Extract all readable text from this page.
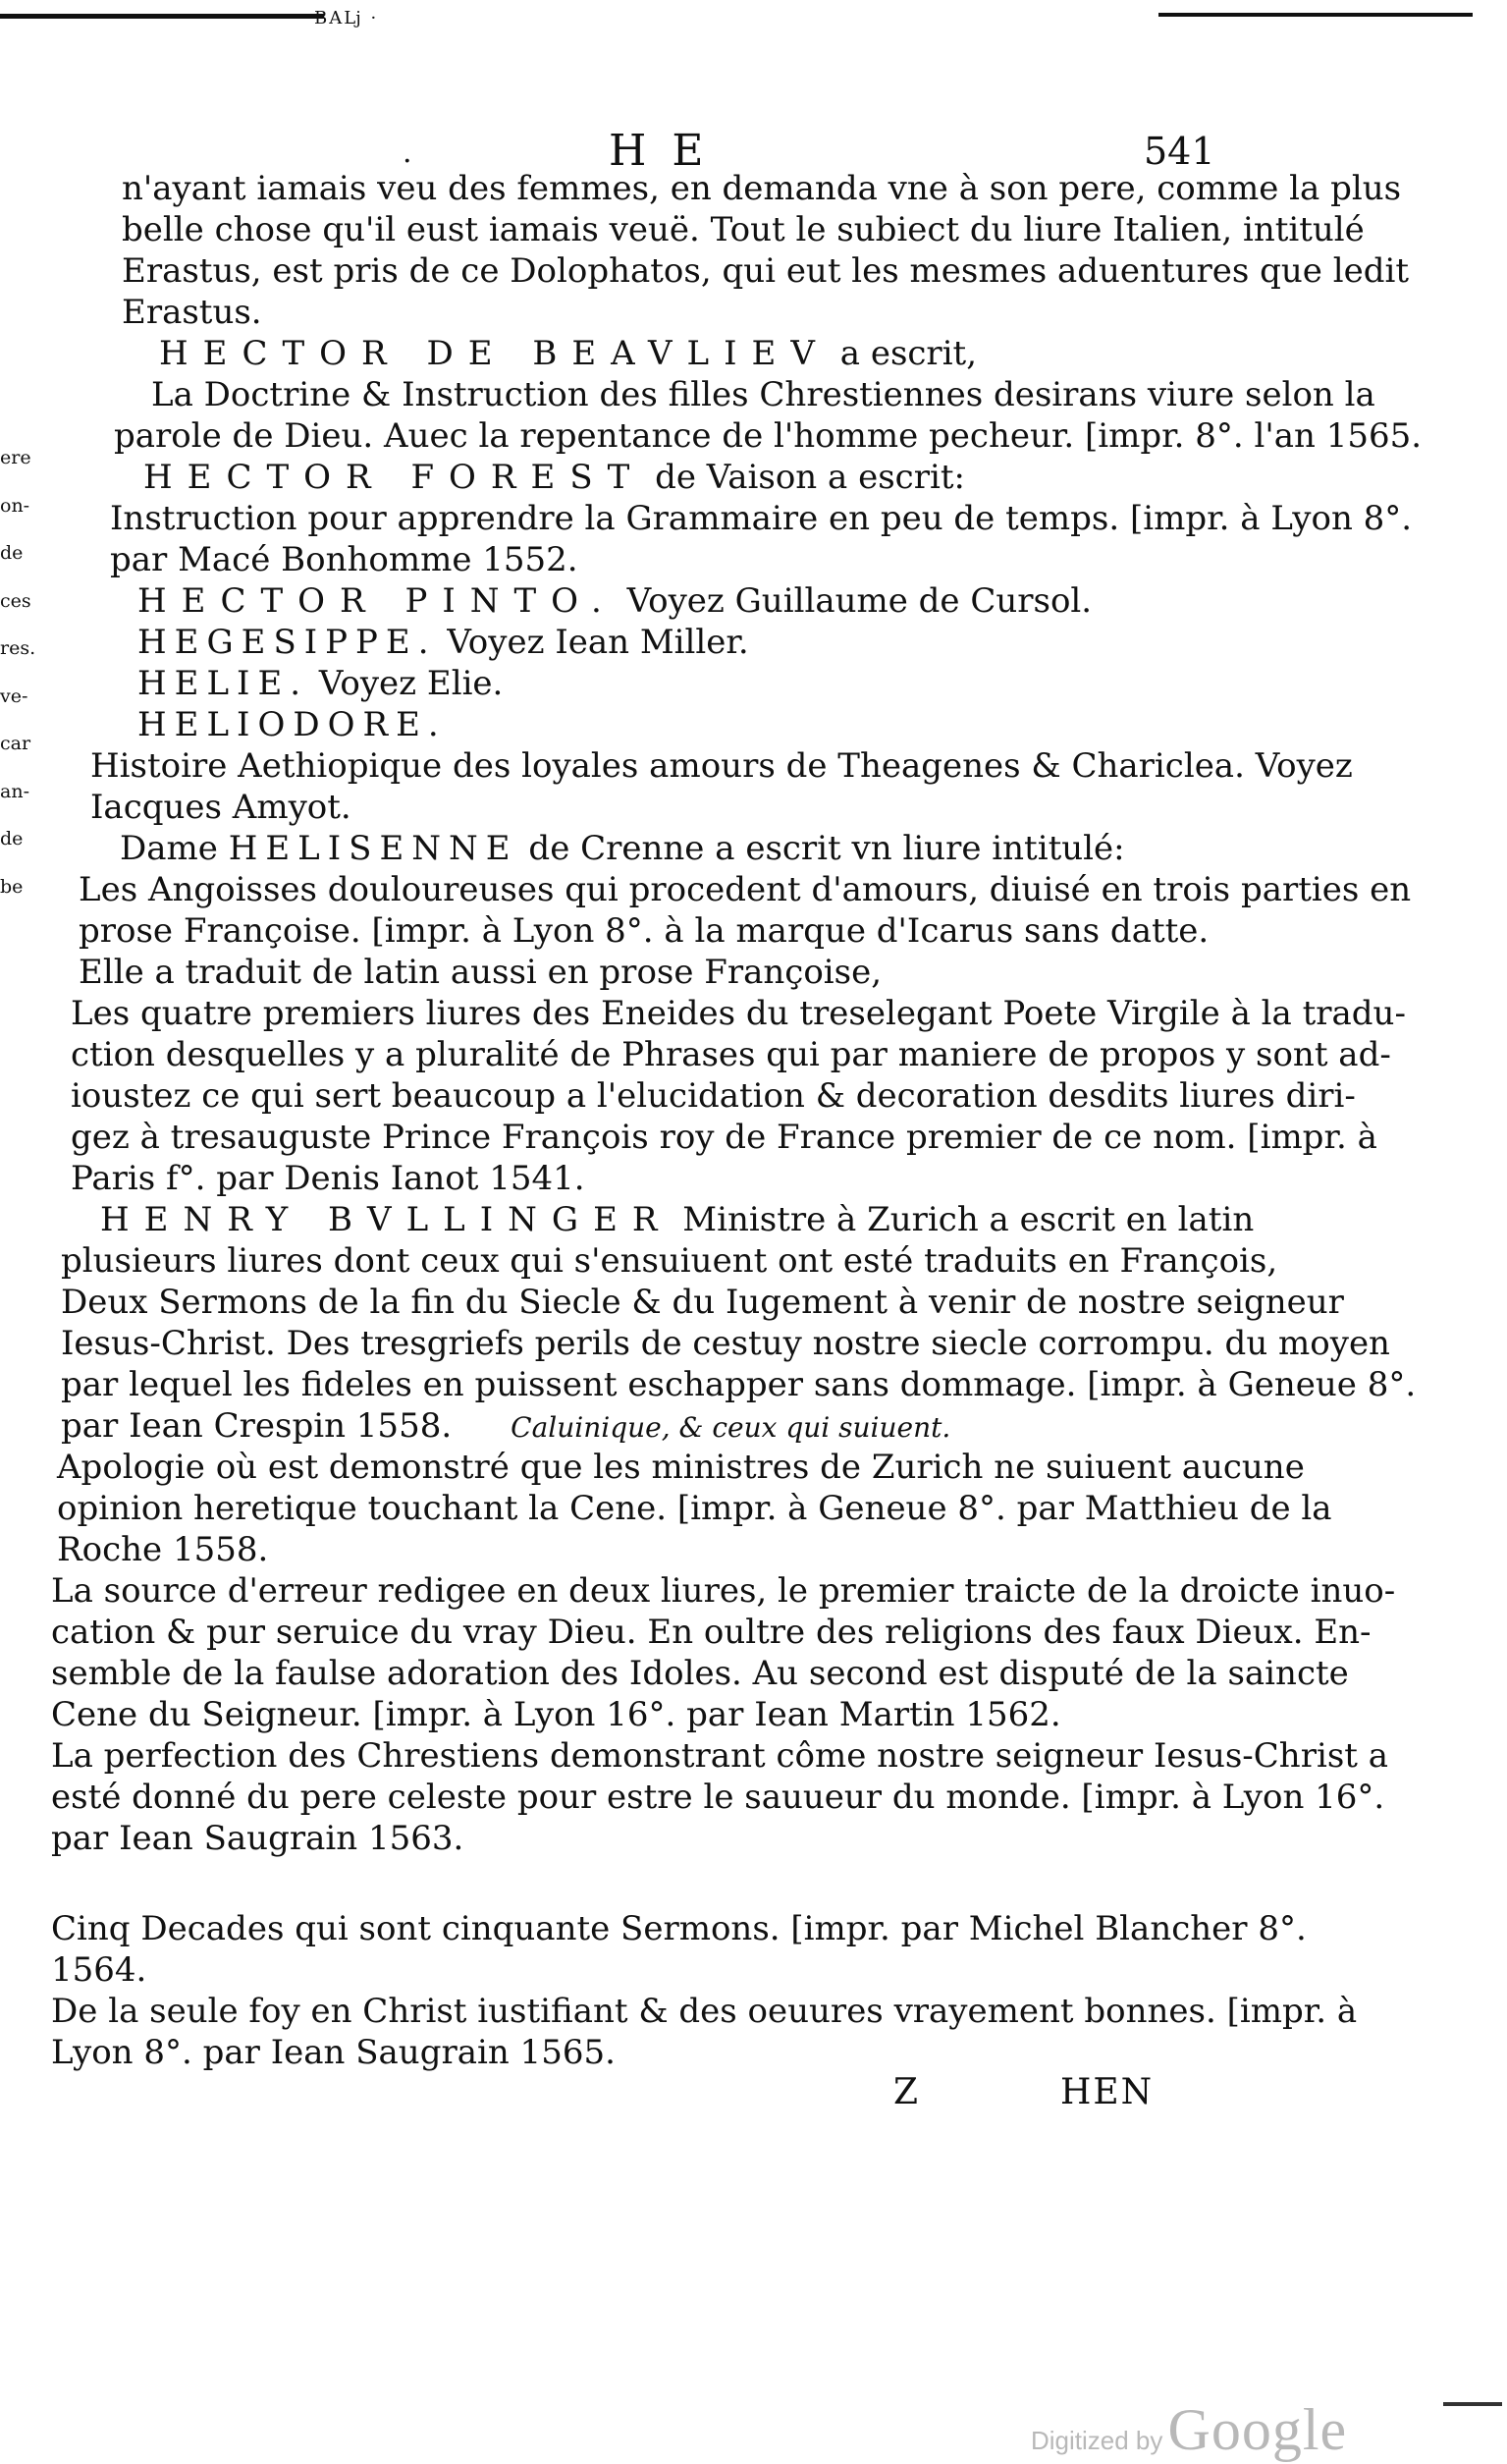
BAǈ ·
.	HE	541
ere
on-
de
ces
res.
ve-
car
an-
de
be
n'ayant iamais veu des femmes, en demanda vne à son pere, comme la plus
belle chose qu'il eust iamais veuë. Tout le subiect du liure Italien, intitulé
Erastus, est pris de ce Dolophatos, qui eut les mesmes aduentures que ledit
Erastus.
HECTOR DE BEAVLIEV a escrit,
La Doctrine & Instruction des filles Chrestiennes desirans viure selon la
parole de Dieu. Auec la repentance de l'homme pecheur. [impr. 8°. l'an 1565.
HECTOR FOREST de Vaison a escrit:
Instruction pour apprendre la Grammaire en peu de temps. [impr. à Lyon 8°.
par Macé Bonhomme 1552.
HECTOR PINTO. Voyez Guillaume de Cursol.
HEGESIPPE. Voyez Iean Miller.
HELIE. Voyez Elie.
HELIODORE.
Histoire Aethiopique des loyales amours de Theagenes & Chariclea. Voyez
Iacques Amyot.
Dame HELISENNE de Crenne a escrit vn liure intitulé:
Les Angoisses douloureuses qui procedent d'amours, diuisé en trois parties en
prose Françoise. [impr. à Lyon 8°. à la marque d'Icarus sans datte.
Elle a traduit de latin aussi en prose Françoise,
Les quatre premiers liures des Eneides du treselegant Poete Virgile à la tradu-
ction desquelles y a pluralité de Phrases qui par maniere de propos y sont ad-
ioustez ce qui sert beaucoup a l'elucidation & decoration desdits liures diri-
gez à tresauguste Prince François roy de France premier de ce nom. [impr. à
Paris f°. par Denis Ianot 1541.
HENRY BVLLINGER Ministre à Zurich a escrit en latin
plusieurs liures dont ceux qui s'ensuiuent ont esté traduits en François,
Deux Sermons de la fin du Siecle & du Iugement à venir de nostre seigneur
Iesus-Christ. Des tresgriefs perils de cestuy nostre siecle corrompu. du moyen
par lequel les fideles en puissent eschapper sans dommage. [impr. à Geneue 8°.
par Iean Crespin 1558. Caluinique, & ceux qui suiuent.
Apologie où est demonstré que les ministres de Zurich ne suiuent aucune
opinion heretique touchant la Cene. [impr. à Geneue 8°. par Matthieu de la
Roche 1558.
La source d'erreur redigee en deux liures, le premier traicte de la droicte inuo-
cation & pur seruice du vray Dieu. En oultre des religions des faux Dieux. En-
semble de la faulse adoration des Idoles. Au second est disputé de la saincte
Cene du Seigneur. [impr. à Lyon 16°. par Iean Martin 1562.
La perfection des Chrestiens demonstrant côme nostre seigneur Iesus-Christ a
esté donné du pere celeste pour estre le sauueur du monde. [impr. à Lyon 16°.
par Iean Saugrain 1563.
Cinq Decades qui sont cinquante Sermons. [impr. par Michel Blancher 8°.
1564.
De la seule foy en Christ iustifiant & des oeuures vrayement bonnes. [impr. à
Lyon 8°. par Iean Saugrain 1565.
Z	HEN
Digitized by Google
